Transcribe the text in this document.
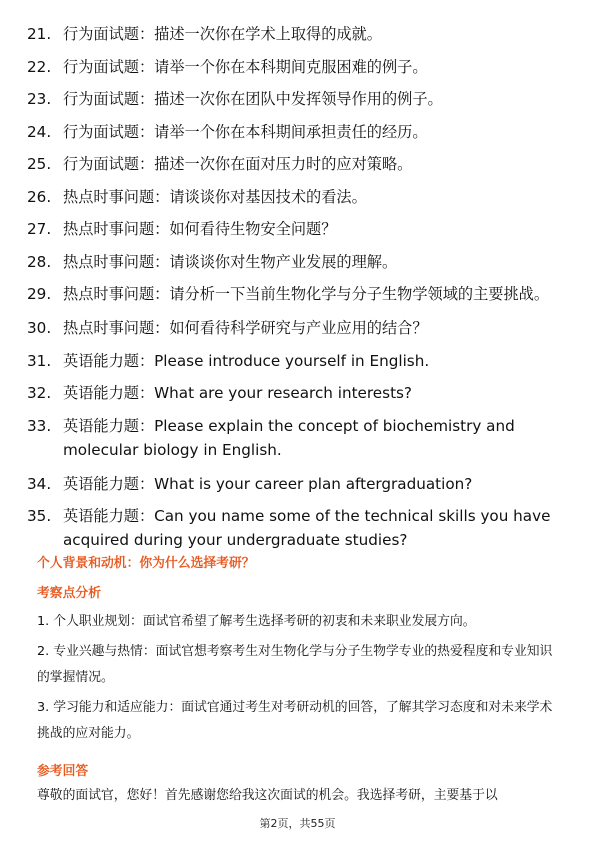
21. 行为面试题：描述一次你在学术上取得的成就。
22. 行为面试题：请举一个你在本科期间克服困难的例子。
23. 行为面试题：描述一次你在团队中发挥领导作用的例子。
24. 行为面试题：请举一个你在本科期间承担责任的经历。
25. 行为面试题：描述一次你在面对压力时的应对策略。
26. 热点时事问题：请谈谈你对基因技术的看法。
27. 热点时事问题：如何看待生物安全问题？
28. 热点时事问题：请谈谈你对生物产业发展的理解。
29. 热点时事问题：请分析一下当前生物化学与分子生物学领域的主要挑战。
30. 热点时事问题：如何看待科学研究与产业应用的结合？
31. 英语能力题：Please introduce yourself in English.
32. 英语能力题：What are your research interests?
33. 英语能力题：Please explain the concept of biochemistry and molecular biology in English.
34. 英语能力题：What is your career plan aftergraduation?
35. 英语能力题：Can you name some of the technical skills you have acquired during your undergraduate studies?
个人背景和动机：你为什么选择考研？
考察点分析
1. 个人职业规划：面试官希望了解考生选择考研的初衷和未来职业发展方向。
2. 专业兴趣与热情：面试官想考察考生对生物化学与分子生物学专业的热爱程度和专业知识的掌握情况。
3. 学习能力和适应能力：面试官通过考生对考研动机的回答，了解其学习态度和对未来学术挑战的应对能力。
参考回答
尊敬的面试官，您好！首先感谢您给我这次面试的机会。我选择考研，主要基于以
第2页，共55页
